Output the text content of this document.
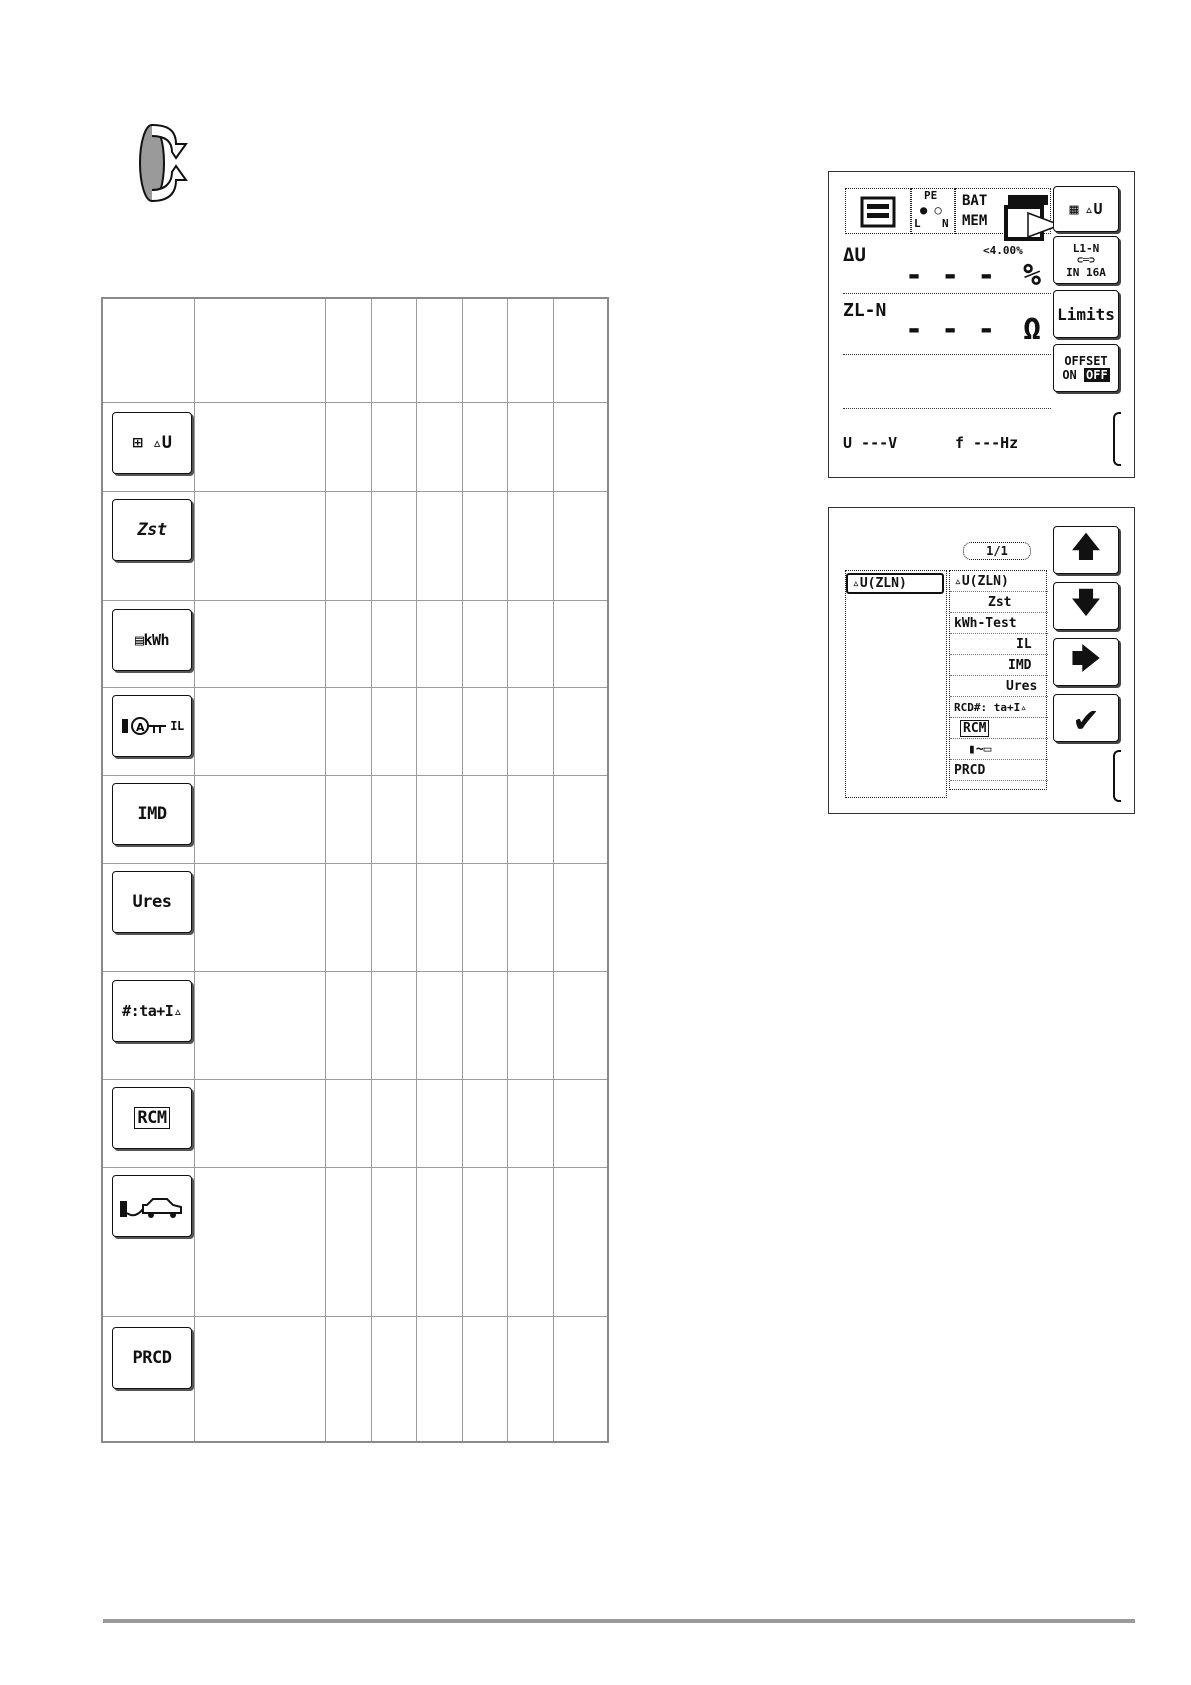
⊞ ▵U
Zst
▤kWh
A IL
IMD
Ures
#:ta+I▵
RCM
PRCD
PE
L N
● ○
BAT
MEM
▦ ▵U
ΔU	<4.00%
- - - %
L1-N
⊂═⊃
IN 16A
ZL-N
- - - Ω Limits
OFFSET
ON OFF
U ---V	f ---Hz
1/1
▵U(ZLN)	▵U(ZLN)
Zst
kWh-Test
IL
IMD
Ures
RCD#: ta+I▵
RCM
▮~▭
PRCD
🡅
🡇
🡆
✔
